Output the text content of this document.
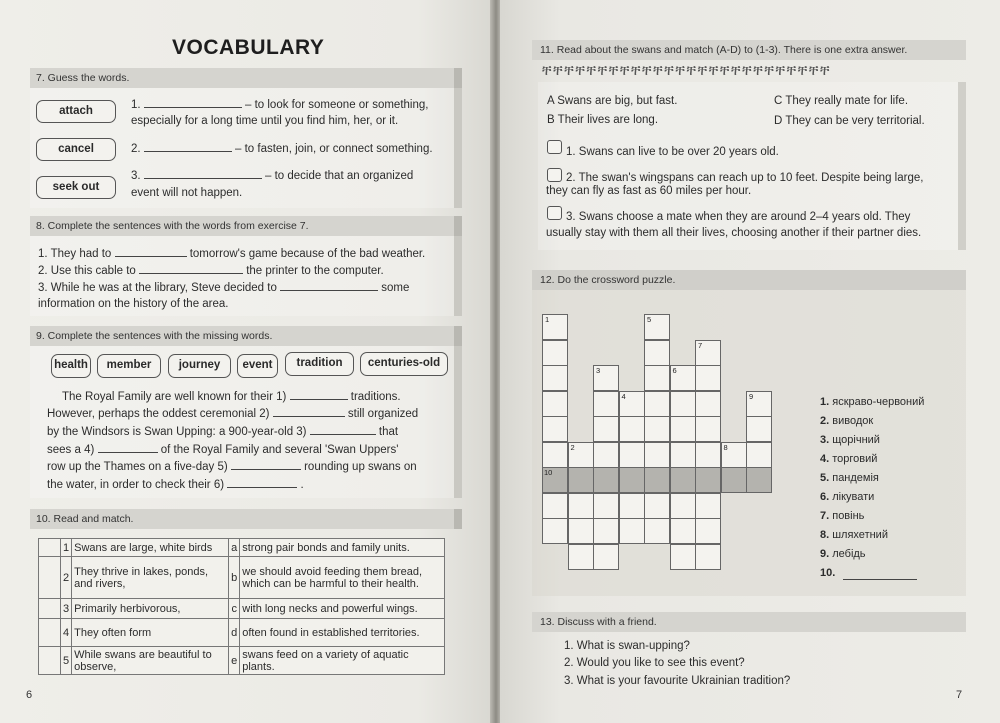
VOCABULARY
7. Guess the words.
attach
cancel
seek out
1.	– to look for someone or something,
especially for a long time until you find him, her, or it.
2.	– to fasten, join, or connect something.
3.	– to decide that an organized
event will not happen.
8. Complete the sentences with the words from exercise 7.
1. They had to	tomorrow's game because of the bad weather.
2. Use this cable to	the printer to the computer.
3. While he was at the library, Steve decided to	some
information on the history of the area.
9. Complete the sentences with the missing words.
health	member	journey	event	tradition	centuries-old
The Royal Family are well known for their 1)	traditions.
However, perhaps the oddest ceremonial 2)	still organized
by the Windsors is Swan Upping: a 900-year-old 3)	that
sees a 4)	of the Royal Family and several 'Swan Uppers'
row up the Thames on a five-day 5)	rounding up swans on
the water, in order to check their 6)	.
10. Read and match.
	1	Swans are large, white birds	a	strong pair bonds and family units.
	2	They thrive in lakes, ponds, and rivers,	b	we should avoid feeding them bread, which can be harmful to their health.
	3	Primarily herbivorous,	c	with long necks and powerful wings.
	4	They often form	d	often found in established territories.
	5	While swans are beautiful to observe,	e	swans feed on a variety of aquatic plants.
6
11. Read about the swans and match (A-D) to (1-3). There is one extra answer.
ቸቸቸቸቸቸቸቸቸቸቸቸቸቸቸቸቸቸቸቸቸቸቸቸቸቸ
A Swans are big, but fast.
B Their lives are long.
C They really mate for life.
D They can be very territorial.
1. Swans can live to be over 20 years old.
2. The swan's wingspans can reach up to 10 feet. Despite being large,
they can fly as fast as 60 miles per hour.
3. Swans choose a mate when they are around 2–4 years old. They
usually stay with them all their lives, choosing another if their partner dies.
12. Do the crossword puzzle.
1
2
3
4
5
6
7
8
9
10
1. яскраво-червоний
2. виводок
3. щорічний
4. торговий
5. пандемія
6. лікувати
7. повінь
8. шляхетний
9. лебідь
10.
13. Discuss with a friend.
1. What is swan-upping?
2. Would you like to see this event?
3. What is your favourite Ukrainian tradition?
7
